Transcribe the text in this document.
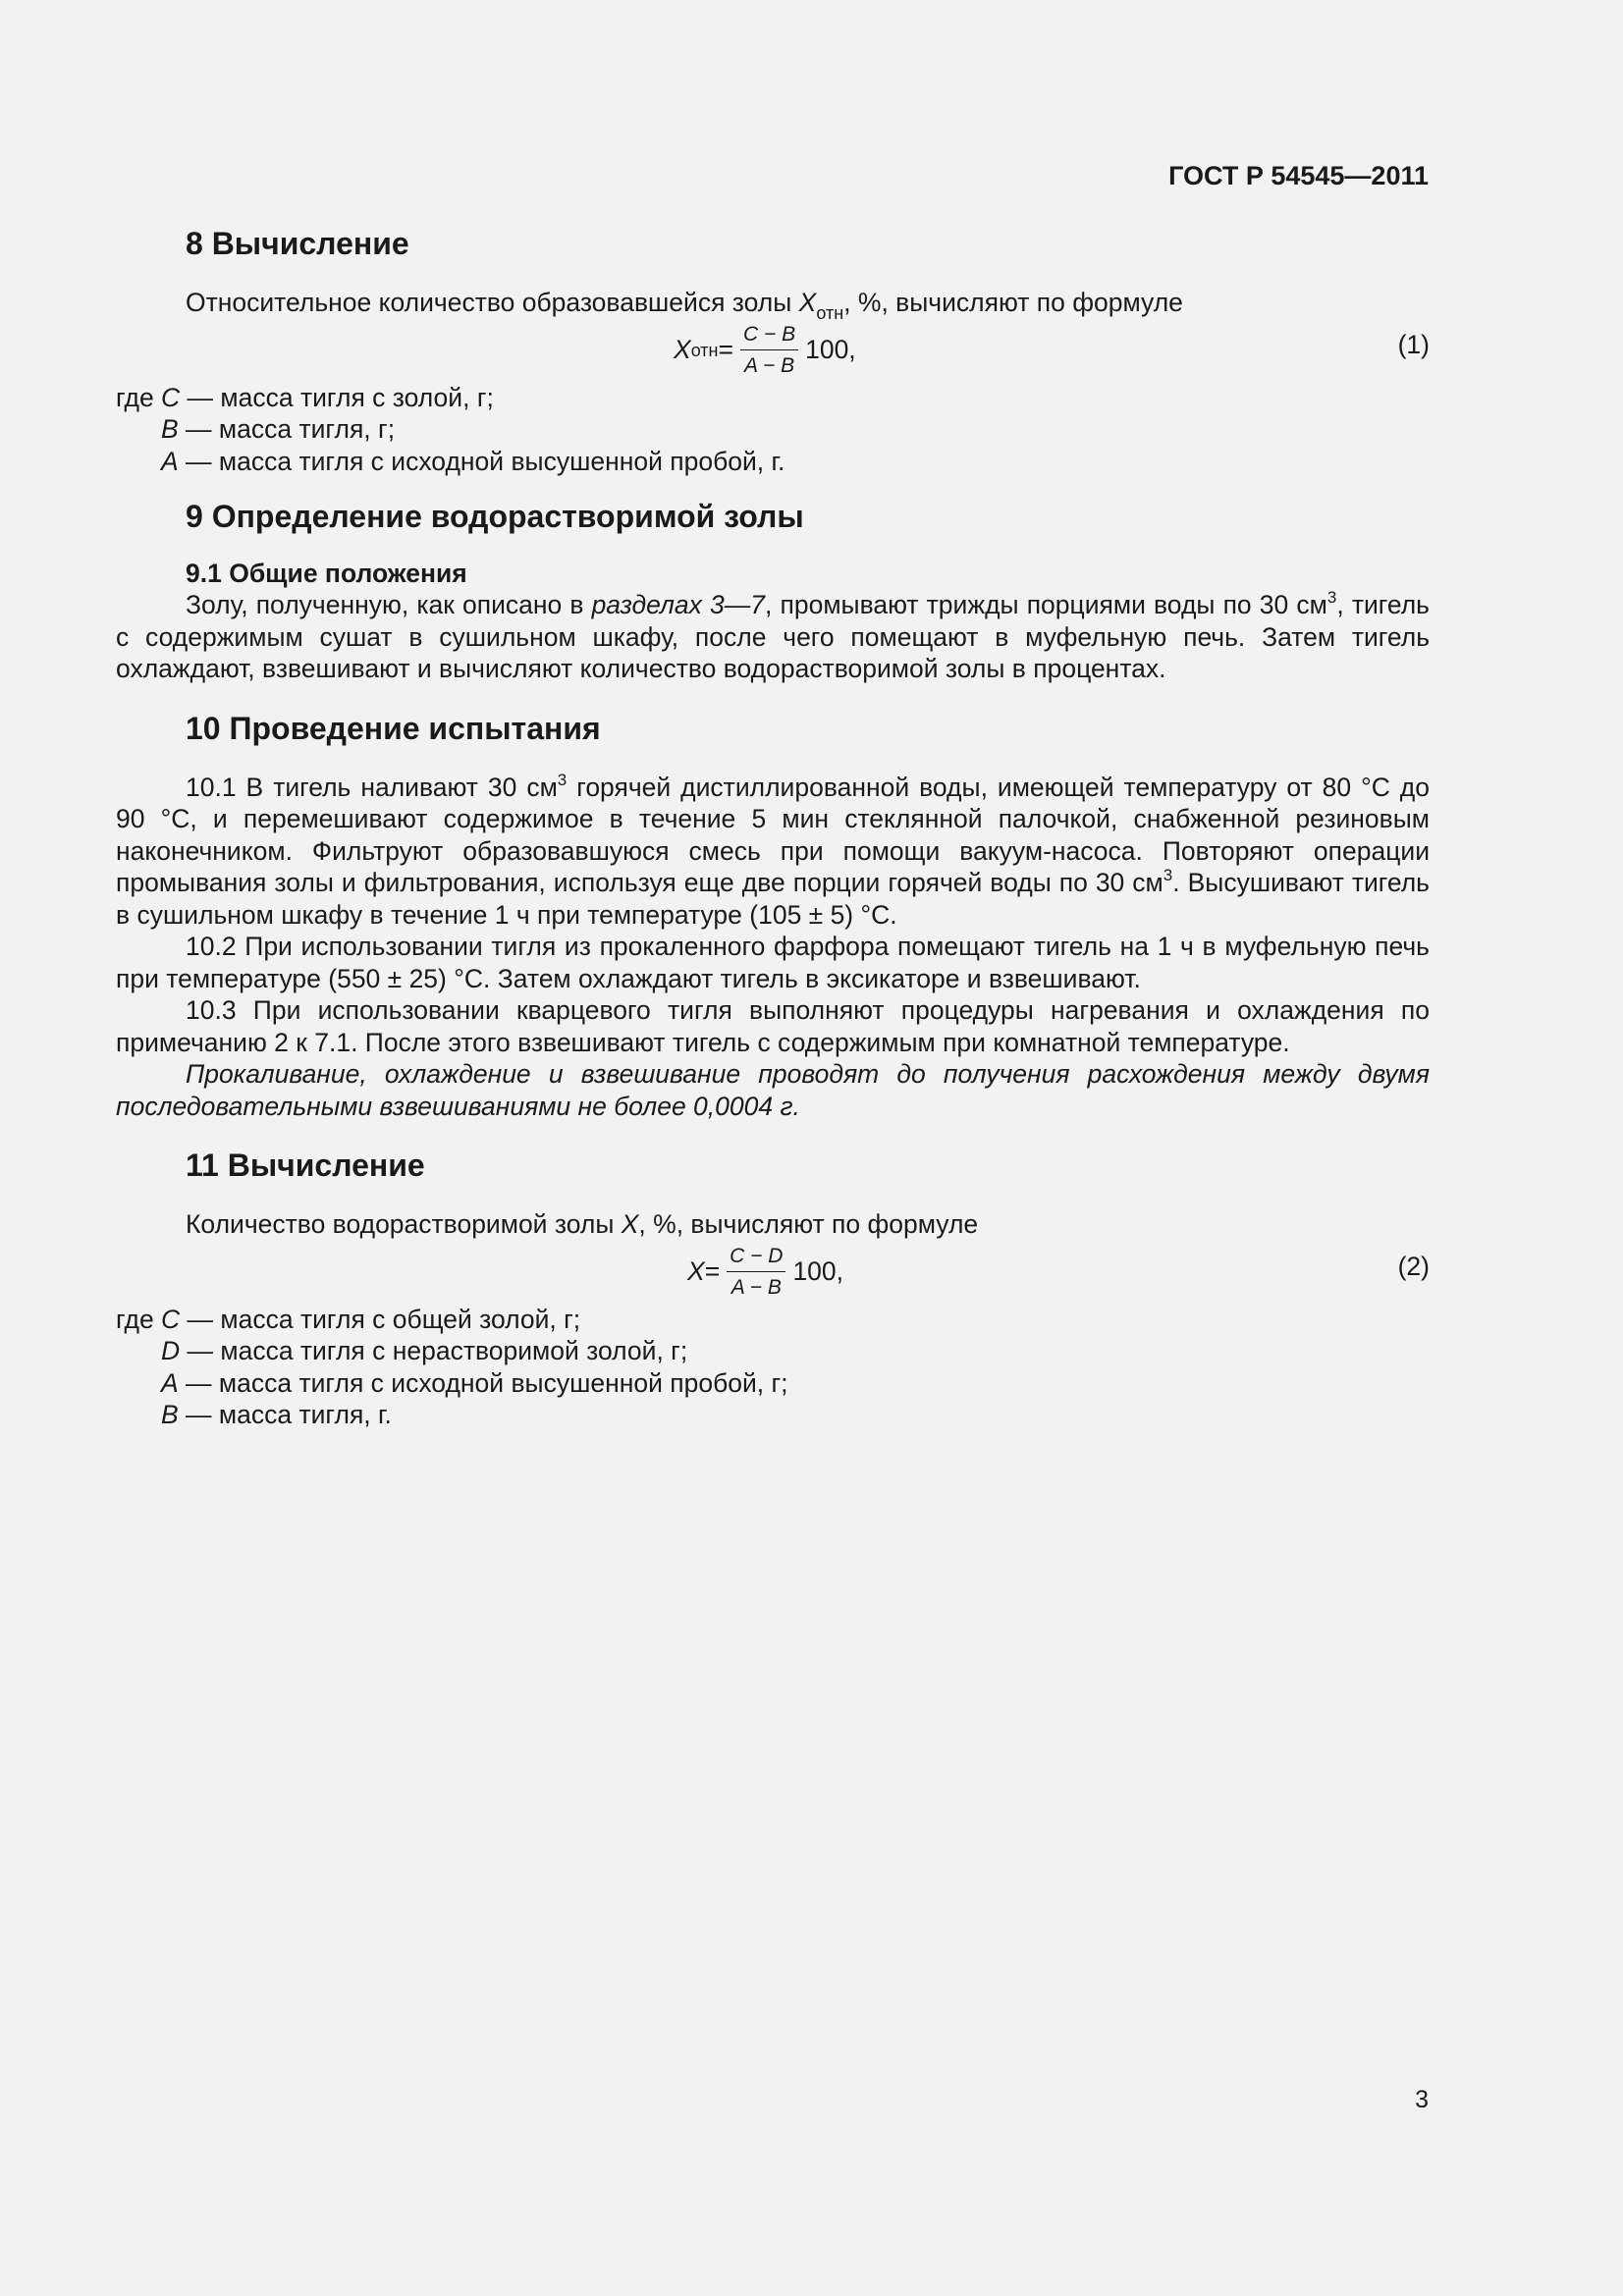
ГОСТ Р 54545—2011
8 Вычисление

Относительное количество образовавшейся золы $X_{отн}$, %, вычисляют по формуле

X отн = $\frac{C - B}{A - B} 100$,	(1)
где C — масса тигля с золой, г;
B — масса тигля, г;
A — масса тигля с исходной высушенной пробой, г.
9 Определение водорастворимой золы
9.1 Общие положения

Золу, полученную, как описано в разделах 3—7, промывают трижды порциями воды по 30 $см^3$, тигель с содержимым сушат в сушильном шкафу, после чего помещают в муфельную печь. Затем тигель охлаждают, взвешивают и вычисляют количество водорастворимой золы в процентах.

10 Проведение испытания

10.1 В тигель наливают 30 $см^3$ горячей дистиллированной воды, имеющей температуру от 80 °С до 90 °С, и перемешивают содержимое в течение 5 мин стеклянной палочкой, снабженной резиновым наконечником. Фильтруют образовавшуюся смесь при помощи вакуум-насоса. Повторяют операции промывания золы и фильтрования, используя еще две порции горячей воды по 30 $см^3$. Высушивают тигель в сушильном шкафу в течение 1 ч при температуре (105 ± 5) °С.

10.2 При использовании тигля из прокаленного фарфора помещают тигель на 1 ч в муфельную печь при температуре (550 ± 25) °С. Затем охлаждают тигель в эксикаторе и взвешивают.

10.3 При использовании кварцевого тигля выполняют процедуры нагревания и охлаждения по примечанию 2 к 7.1. После этого взвешивают тигель с содержимым при комнатной температуре.

Прокаливание, охлаждение и взвешивание проводят до получения расхождения между двумя последовательными взвешиваниями не более 0,0004 г.

11 Вычисление

Количество водорастворимой золы X, %, вычисляют по формуле

$X = \frac{C - D}{A - B} 100$,	(2)
где C — масса тигля с общей золой, г;
D — масса тигля с нерастворимой золой, г;
A — масса тигля с исходной высушенной пробой, г;
B — масса тигля, г.
3
